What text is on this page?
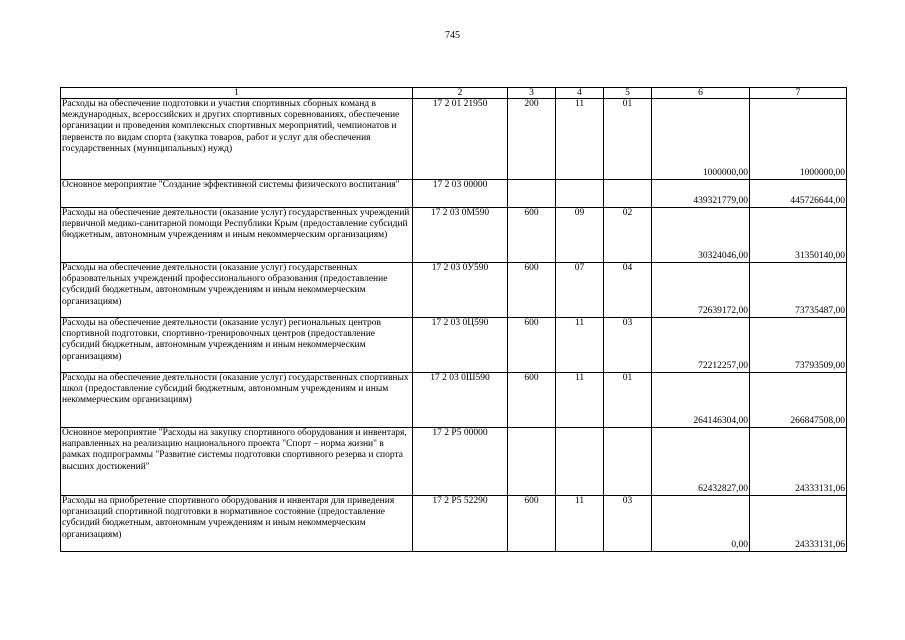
745
1	2	3	4	5	6	7
Расходы на обеспечение подготовки и участия спортивных сборных команд в международных, всероссийских и других спортивных соревнованиях, обеспечение организации и проведения комплексных спортивных мероприятий, чемпионатов и первенств по видам спорта (закупка товаров, работ и услуг для обеспечения государственных (муниципальных) нужд)	17 2 01 21950	200	11	01	1000000,00	1000000,00
Основное мероприятие "Создание эффективной системы физического воспитания"	17 2 03 00000				439321779,00	445726644,00
Расходы на обеспечение деятельности (оказание услуг) государственных учреждений первичной медико-санитарной помощи Республики Крым (предоставление субсидий бюджетным, автономным учреждениям и иным некоммерческим организациям)	17 2 03 0М590	600	09	02	30324046,00	31350140,00
Расходы на обеспечение деятельности (оказание услуг) государственных образовательных учреждений профессионального образования (предоставление субсидий бюджетным, автономным учреждениям и иным некоммерческим организациям)	17 2 03 0У590	600	07	04	72639172,00	73735487,00
Расходы на обеспечение деятельности (оказание услуг) региональных центров спортивной подготовки, спортивно-тренировочных центров (предоставление субсидий бюджетным, автономным учреждениям и иным некоммерческим организациям)	17 2 03 0Ц590	600	11	03	72212257,00	73793509,00
Расходы на обеспечение деятельности (оказание услуг) государственных спортивных школ (предоставление субсидий бюджетным, автономным учреждениям и иным некоммерческим организациям)	17 2 03 0Ш590	600	11	01	264146304,00	266847508,00
Основное мероприятие "Расходы на закупку спортивного оборудования и инвентаря, направленных на реализацию национального проекта "Спорт – норма жизни" в рамках подпрограммы "Развитие системы подготовки спортивного резерва и спорта высших достижений"	17 2 Р5 00000				62432827,00	24333131,06
Расходы на приобретение спортивного оборудования и инвентаря для приведения организаций спортивной подготовки в нормативное состояние (предоставление субсидий бюджетным, автономным учреждениям и иным некоммерческим организациям)	17 2 Р5 52290	600	11	03	0,00	24333131,06
